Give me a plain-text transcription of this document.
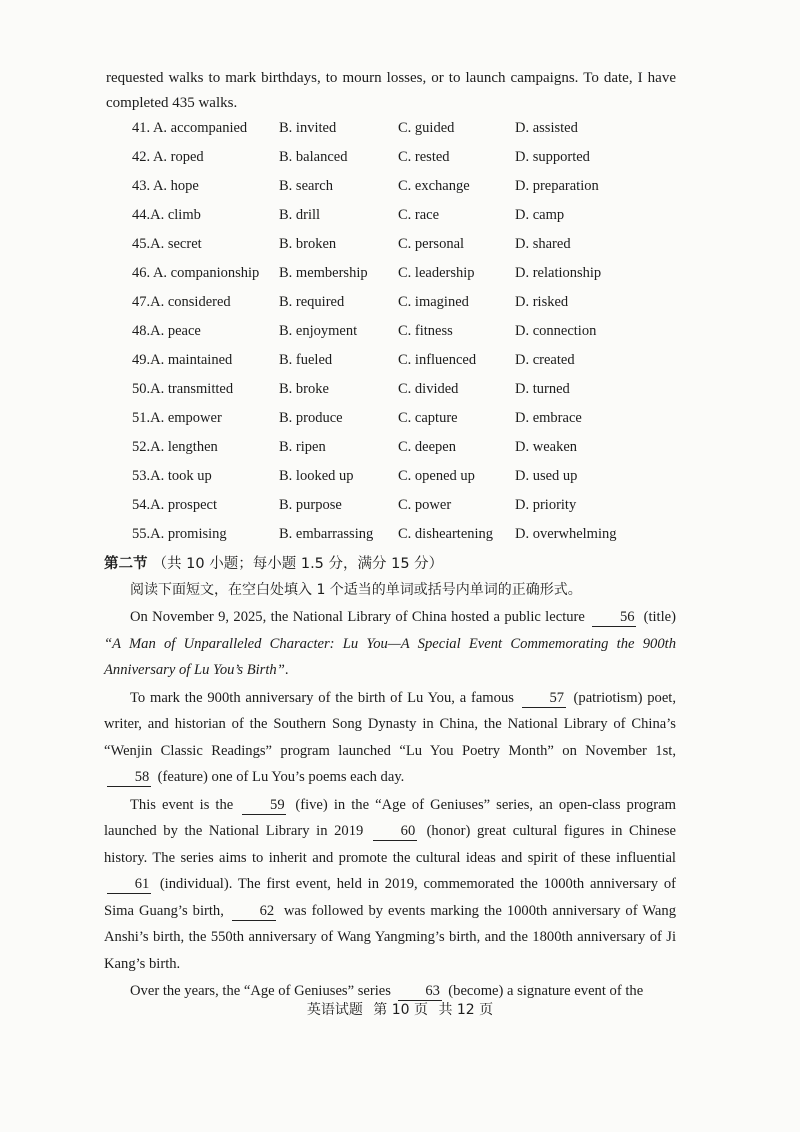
requested walks to mark birthdays, to mourn losses, or to launch campaigns. To date, I have completed 435 walks.
41. A. accompanied B. invited	C. guided	D. assisted
42. A. roped	B. balanced	C. rested	D. supported
43. A. hope	B. search	C. exchange	D. preparation
44.A. climb	B. drill	C. race	D. camp
45.A. secret	B. broken	C. personal	D. shared
46. A. companionship B. membership C. leadership	D. relationship
47.A. considered	B. required	C. imagined	D. risked
48.A. peace	B. enjoyment	C. fitness	D. connection
49.A. maintained	B. fueled	C. influenced	D. created
50.A. transmitted	B. broke	C. divided	D. turned
51.A. empower	B. produce	C. capture	D. embrace
52.A. lengthen	B. ripen	C. deepen	D. weaken
53.A. took up	B. looked up	C. opened up	D. used up
54.A. prospect	B. purpose	C. power	D. priority
55.A. promising	B. embarrassing C. disheartening D. overwhelming
第二节 （共 10 小题；每小题 1.5 分，满分 15 分）
阅读下面短文，在空白处填入 1 个适当的单词或括号内单词的正确形式。

On November 9, 2025, the National Library of China hosted a public lecture 56 (title) “A Man of Unparalleled Character: Lu You—A Special Event Commemorating the 900th Anniversary of Lu You’s Birth”.

To mark the 900th anniversary of the birth of Lu You, a famous 57 (patriotism) poet, writer, and historian of the Southern Song Dynasty in China, the National Library of China’s “Wenjin Classic Readings” program launched “Lu You Poetry Month” on November 1st, 58 (feature) one of Lu You’s poems each day.

This event is the	59 (five) in the “Age of Geniuses” series, an open-class program launched by the National Library in 2019	60 (honor) great cultural figures in Chinese history. The series aims to inherit and promote the cultural ideas and spirit of these influential 61 (individual). The first event, held in 2019, commemorated the 1000th anniversary of Sima Guang’s birth, 62 was followed by events marking the 1000th anniversary of Wang Anshi’s birth, the 550th anniversary of Wang Yangming’s birth, and the 1800th anniversary of Ji Kang’s birth.

Over the years, the “Age of Geniuses” series 63 (become) a signature event of the

英语试题 第 10 页 共 12 页
